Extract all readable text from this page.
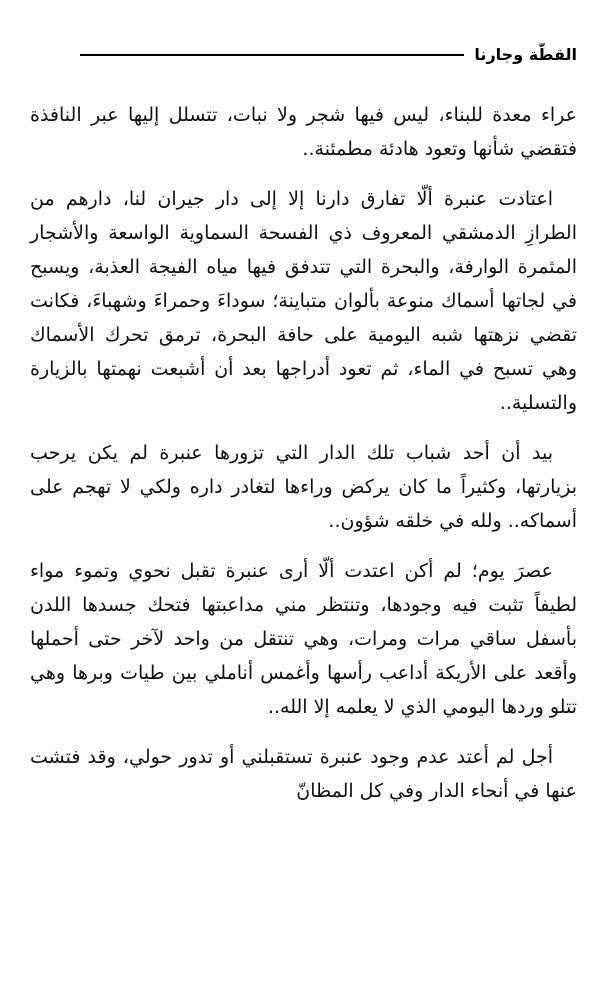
القطّة وجارنا

عراء معدة للبناء، ليس فيها شجر ولا نبات، تتسلل إليها عبر النافذة فتقضي شأنها وتعود هادئة مطمئنة..

اعتادت عنبرة ألّا تفارق دارنا إلا إلى دار جيران لنا، دارهم من الطرازِ الدمشقي المعروف ذي الفسحة السماوية الواسعة والأشجار المثمرة الوارفة، والبحرة التي تتدفق فيها مياه الفيجة العذبة، ويسبح في لجاتها أسماك منوعة بألوان متباينة؛ سوداءَ وحمراءَ وشهباءَ، فكانت تقضي نزهتها شبه اليومية على حافة البحرة، ترمق تحرك الأسماك وهي تسبح في الماء، ثم تعود أدراجها بعد أن أشبعت نهمتها بالزيارة والتسلية..

بيد أن أحد شباب تلك الدار التي تزورها عنبرة لم يكن يرحب بزيارتها، وكثيراً ما كان يركض وراءها لتغادر داره ولكي لا تهجم على أسماكه.. ولله في خلقه شؤون..

عصرَ يوم؛ لم أكن اعتدت ألّا أرى عنبرة تقبل نحوي وتموء مواء لطيفاً تثبت فيه وجودها، وتنتظر مني مداعبتها فتحك جسدها اللدن بأسفل ساقي مرات ومرات، وهي تنتقل من واحد لآخر حتى أحملها وأقعد على الأريكة أداعب رأسها وأغمس أناملي بين طيات وبرها وهي تتلو وردها اليومي الذي لا يعلمه إلا الله..

أجل لم أعتد عدم وجود عنبرة تستقبلني أو تدور حولي، وقد فتشت عنها في أنحاء الدار وفي كل المظانّ
